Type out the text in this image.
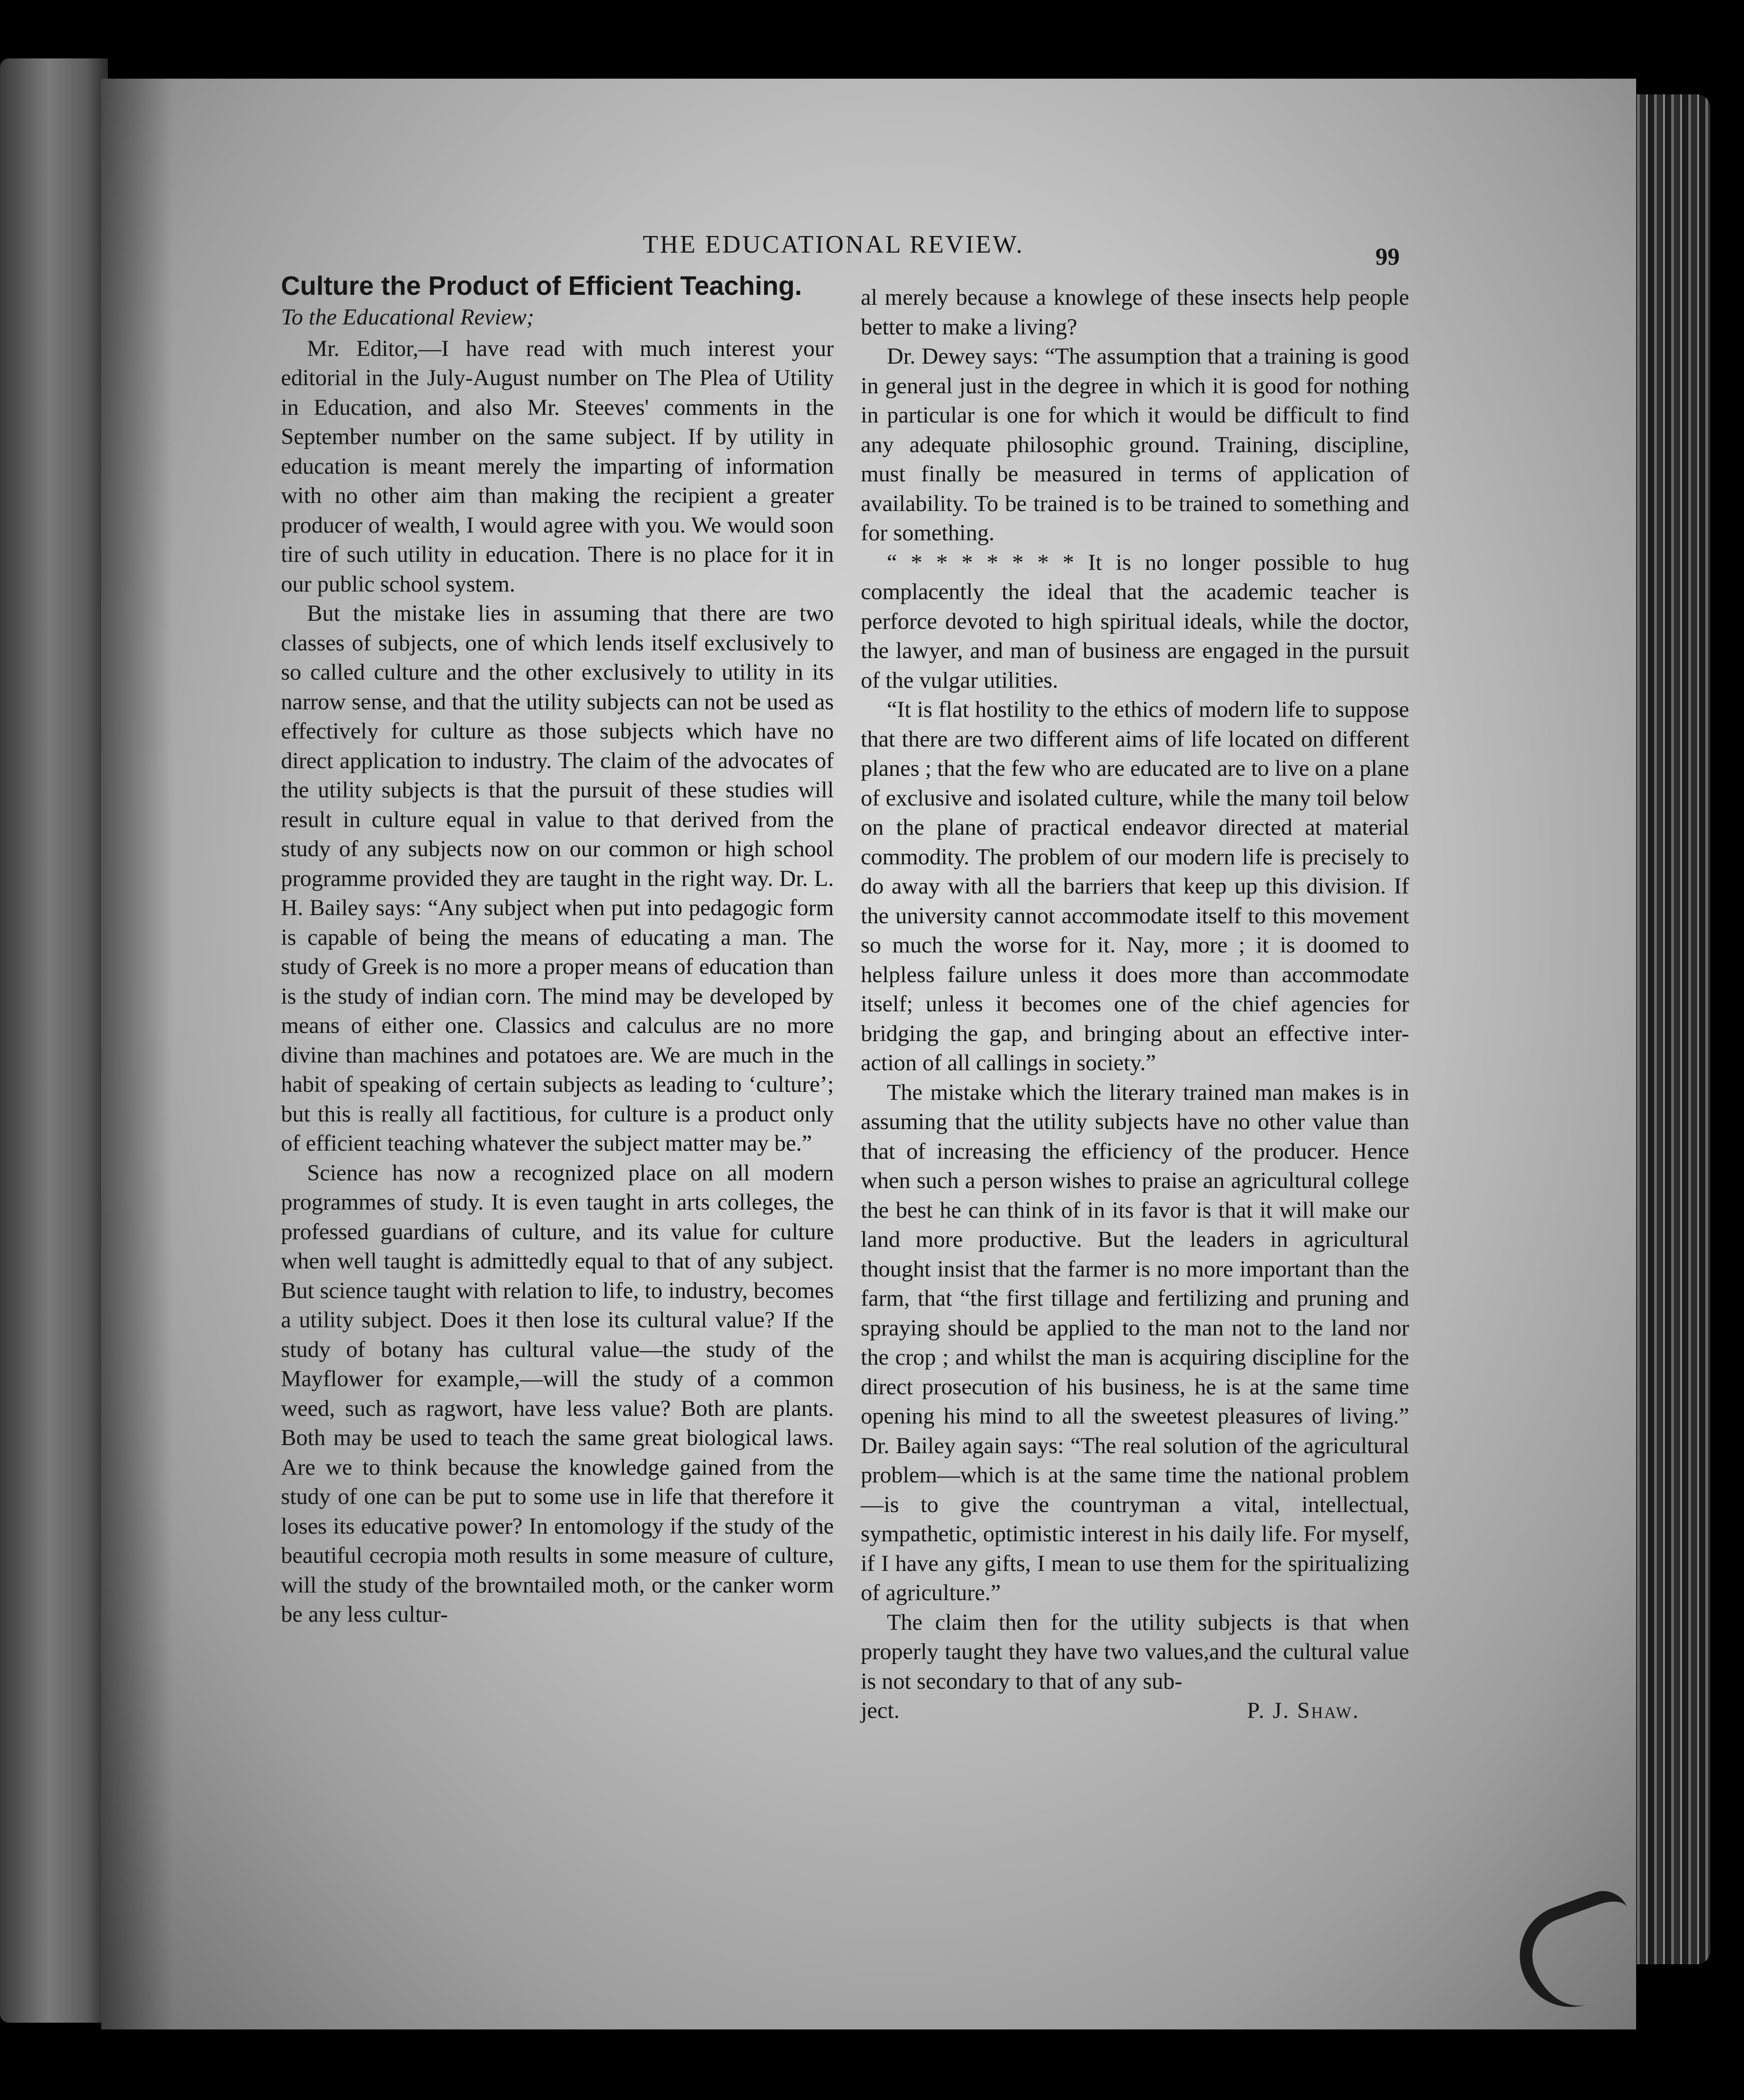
THE EDUCATIONAL REVIEW.	99
Culture the Product of Efficient Teaching.
To the Educational Review;

Mr. Editor,—I have read with much interest your editorial in the July-August number on The Plea of Utility in Education, and also Mr. Steeves' comments in the September number on the same subject. If by utility in education is meant merely the imparting of information with no other aim than making the recipient a greater producer of wealth, I would agree with you. We would soon tire of such utility in education. There is no place for it in our public school system.

But the mistake lies in assuming that there are two classes of subjects, one of which lends itself exclusively to so called culture and the other exclusively to utility in its narrow sense, and that the utility subjects can not be used as effectively for culture as those subjects which have no direct application to industry. The claim of the advocates of the utility subjects is that the pursuit of these studies will result in culture equal in value to that derived from the study of any subjects now on our common or high school programme provided they are taught in the right way. Dr. L. H. Bailey says: “Any subject when put into pedagogic form is capable of being the means of educating a man. The study of Greek is no more a proper means of education than is the study of indian corn. The mind may be developed by means of either one. Classics and calculus are no more divine than machines and potatoes are. We are much in the habit of speaking of certain subjects as leading to ‘culture’; but this is really all factitious, for culture is a product only of efficient teaching whatever the subject matter may be.”

Science has now a recognized place on all modern programmes of study. It is even taught in arts colleges, the professed guardians of culture, and its value for culture when well taught is admittedly equal to that of any subject. But science taught with relation to life, to industry, becomes a utility subject. Does it then lose its cultural value? If the study of botany has cultural value—the study of the Mayflower for example,—will the study of a common weed, such as ragwort, have less value? Both are plants. Both may be used to teach the same great biological laws. Are we to think because the knowledge gained from the study of one can be put to some use in life that therefore it loses its educative power? In entomology if the study of the beautiful cecropia moth results in some measure of culture, will the study of the browntailed moth, or the canker worm be any less cultur-

al merely because a knowlege of these insects help people better to make a living?

Dr. Dewey says: “The assumption that a training is good in general just in the degree in which it is good for nothing in particular is one for which it would be difficult to find any adequate philosophic ground. Training, discipline, must finally be measured in terms of application of availability. To be trained is to be trained to something and for something.

“ * * * * * * * It is no longer possible to hug complacently the ideal that the academic teacher is perforce devoted to high spiritual ideals, while the doctor, the lawyer, and man of business are engaged in the pursuit of the vulgar utilities.

“It is flat hostility to the ethics of modern life to suppose that there are two different aims of life located on different planes ; that the few who are educated are to live on a plane of exclusive and isolated culture, while the many toil below on the plane of practical endeavor directed at material commodity. The problem of our modern life is precisely to do away with all the barriers that keep up this division. If the university cannot accommodate itself to this movement so much the worse for it. Nay, more ; it is doomed to helpless failure unless it does more than accommodate itself; unless it becomes one of the chief agencies for bridging the gap, and bringing about an effective inter-action of all callings in society.”

The mistake which the literary trained man makes is in assuming that the utility subjects have no other value than that of increasing the efficiency of the producer. Hence when such a person wishes to praise an agricultural college the best he can think of in its favor is that it will make our land more productive. But the leaders in agricultural thought insist that the farmer is no more important than the farm, that “the first tillage and fertilizing and pruning and spraying should be applied to the man not to the land nor the crop ; and whilst the man is acquiring discipline for the direct prosecution of his business, he is at the same time opening his mind to all the sweetest pleasures of living.” Dr. Bailey again says: “The real solution of the agricultural problem—which is at the same time the national problem—is to give the countryman a vital, intellectual, sympathetic, optimistic interest in his daily life. For myself, if I have any gifts, I mean to use them for the spiritualizing of agriculture.”

The claim then for the utility subjects is that when properly taught they have two values,and the cultural value is not secondary to that of any sub-

ject.	P. J. Shaw.
